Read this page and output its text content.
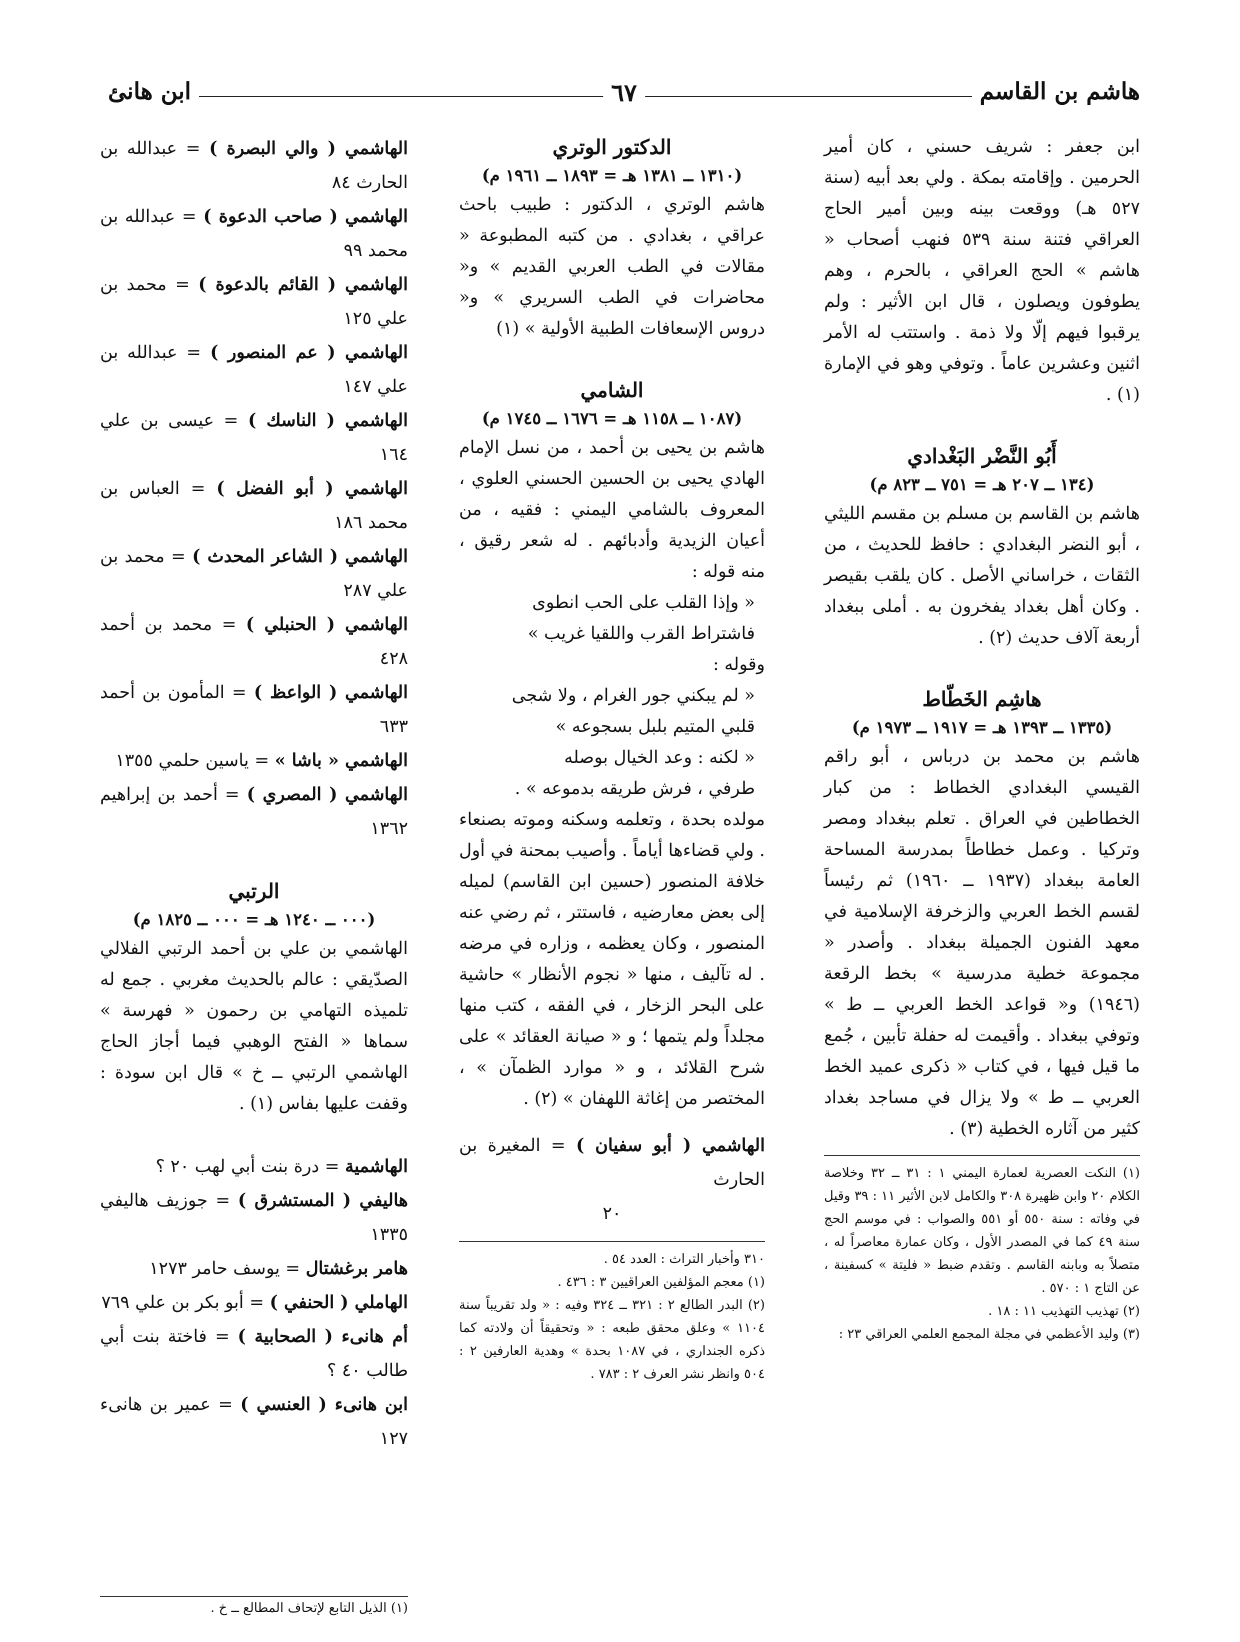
هاشم بن القاسم
٦٧
ابن هانئ

ابن جعفر : شريف حسني ، كان أمير الحرمين . وإقامته بمكة . ولي بعد أبيه (سنة ٥٢٧ هـ) ووقعت بينه وبين أمير الحاج العراقي فتنة سنة ٥٣٩ فنهب أصحاب « هاشم » الحج العراقي ، بالحرم ، وهم يطوفون ويصلون ، قال ابن الأثير : ولم يرقبوا فيهم إلّا ولا ذمة . واستتب له الأمر اثنين وعشرين عاماً . وتوفي وهو في الإمارة (١) .

أَبُو النَّضْر البَغْدادي

(١٣٤ ــ ٢٠٧ هـ = ٧٥١ ــ ٨٢٣ م)

هاشم بن القاسم بن مسلم بن مقسم الليثي ، أبو النضر البغدادي : حافظ للحديث ، من الثقات ، خراساني الأصل . كان يلقب بقيصر . وكان أهل بغداد يفخرون به . أملى ببغداد أربعة آلاف حديث (٢) .

هاشِم الخَطّاط

(١٣٣٥ ــ ١٣٩٣ هـ = ١٩١٧ ــ ١٩٧٣ م)

هاشم بن محمد بن درباس ، أبو راقم القيسي البغدادي الخطاط : من كبار الخطاطين في العراق . تعلم ببغداد ومصر وتركيا . وعمل خطاطاً بمدرسة المساحة العامة ببغداد (١٩٣٧ ــ ١٩٦٠) ثم رئيساً لقسم الخط العربي والزخرفة الإسلامية في معهد الفنون الجميلة ببغداد . وأصدر « مجموعة خطية مدرسية » بخط الرقعة (١٩٤٦) و« قواعد الخط العربي ــ ط » وتوفي ببغداد . وأقيمت له حفلة تأبين ، جُمع ما قيل فيها ، في كتاب « ذكرى عميد الخط العربي ــ ط » ولا يزال في مساجد بغداد كثير من آثاره الخطية (٣) .

(١) النكت العصرية لعمارة اليمني ١ : ٣١ ــ ٣٢ وخلاصة الكلام ٢٠ وابن ظهيرة ٣٠٨ والكامل لابن الأثير ١١ : ٣٩ وقيل في وفاته : سنة ٥٥٠ أو ٥٥١ والصواب : في موسم الحج سنة ٤٩ كما في المصدر الأول ، وكان عمارة معاصراً له ، متصلاً به وبابنه القاسم . وتقدم ضبط « فليتة » كسفينة ، عن التاج ١ : ٥٧٠ .

(٢) تهذيب التهذيب ١١ : ١٨ .

(٣) وليد الأعظمي في مجلة المجمع العلمي العراقي ٢٣ :

الدكتور الوتري

(١٣١٠ ــ ١٣٨١ هـ = ١٨٩٣ ــ ١٩٦١ م)

هاشم الوتري ، الدكتور : طبيب باحث عراقي ، بغدادي . من كتبه المطبوعة « مقالات في الطب العربي القديم » و« محاضرات في الطب السريري » و« دروس الإسعافات الطبية الأولية » (١)

الشامي

(١٠٨٧ ــ ١١٥٨ هـ = ١٦٧٦ ــ ١٧٤٥ م)

هاشم بن يحيى بن أحمد ، من نسل الإمام الهادي يحيى بن الحسين الحسني العلوي ، المعروف بالشامي اليمني : فقيه ، من أعيان الزيدية وأدبائهم . له شعر رقيق ، منه قوله :

« وإذا القلب على الحب انطوى

فاشتراط القرب واللقيا غريب »

وقوله :

« لم يبكني جور الغرام ، ولا شجى

قلبي المتيم بلبل بسجوعه »

« لكنه : وعد الخيال بوصله

طرفي ، فرش طريقه بدموعه » .

مولده بحدة ، وتعلمه وسكنه وموته بصنعاء . ولي قضاءها أياماً . وأصيب بمحنة في أول خلافة المنصور (حسين ابن القاسم) لميله إلى بعض معارضيه ، فاستتر ، ثم رضي عنه المنصور ، وكان يعظمه ، وزاره في مرضه . له تآليف ، منها « نجوم الأنظار » حاشية على البحر الزخار ، في الفقه ، كتب منها مجلداً ولم يتمها ؛ و « صيانة العقائد » على شرح القلائد ، و « موارد الظمآن » ، المختصر من إغاثة اللهفان » (٢) .

الهاشمي ( أبو سفيان ) = المغيرة بن الحارث
٢٠

٣١٠ وأخبار التراث : العدد ٥٤ .

(١) معجم المؤلفين العراقيين ٣ : ٤٣٦ .

(٢) البدر الطالع ٢ : ٣٢١ ــ ٣٢٤ وفيه : « ولد تقريباً سنة ١١٠٤ » وعلق محقق طبعه : « وتحقيقاً أن ولادته كما ذكره الجنداري ، في ١٠٨٧ بحدة » وهدية العارفين ٢ : ٥٠٤ وانظر نشر العرف ٢ : ٧٨٣ .

الهاشمي ( والي البصرة ) = عبدالله بن الحارث ٨٤

الهاشمي ( صاحب الدعوة ) = عبدالله بن محمد ٩٩

الهاشمي ( القائم بالدعوة ) = محمد بن علي ١٢٥

الهاشمي ( عم المنصور ) = عبدالله بن علي ١٤٧

الهاشمي ( الناسك ) = عيسى بن علي ١٦٤

الهاشمي ( أبو الفضل ) = العباس بن محمد ١٨٦

الهاشمي ( الشاعر المحدث ) = محمد بن علي ٢٨٧

الهاشمي ( الحنبلي ) = محمد بن أحمد ٤٢٨

الهاشمي ( الواعظ ) = المأمون بن أحمد ٦٣٣

الهاشمي « باشا » = ياسين حلمي ١٣٥٥

الهاشمي ( المصري ) = أحمد بن إبراهيم ١٣٦٢

الرتبي

(٠٠٠ ــ ١٢٤٠ هـ = ٠٠٠ ــ ١٨٢٥ م)

الهاشمي بن علي بن أحمد الرتبي الفلالي الصدّيقي : عالم بالحديث مغربي . جمع له تلميذه التهامي بن رحمون « فهرسة » سماها « الفتح الوهبي فيما أجاز الحاج الهاشمي الرتبي ــ خ » قال ابن سودة : وقفت عليها بفاس (١) .

الهاشمية = درة بنت أبي لهب ٢٠ ؟

هاليفي ( المستشرق ) = جوزيف هاليفي ١٣٣٥

هامر برغشتال = يوسف حامر ١٢٧٣

الهاملي ( الحنفي ) = أبو بكر بن علي ٧٦٩

أم هانىء ( الصحابية ) = فاختة بنت أبي طالب ٤٠ ؟

ابن هانىء ( العنسي ) = عمير بن هانىء ١٢٧

(١) الذيل التابع لإتحاف المطالع ــ خ .
